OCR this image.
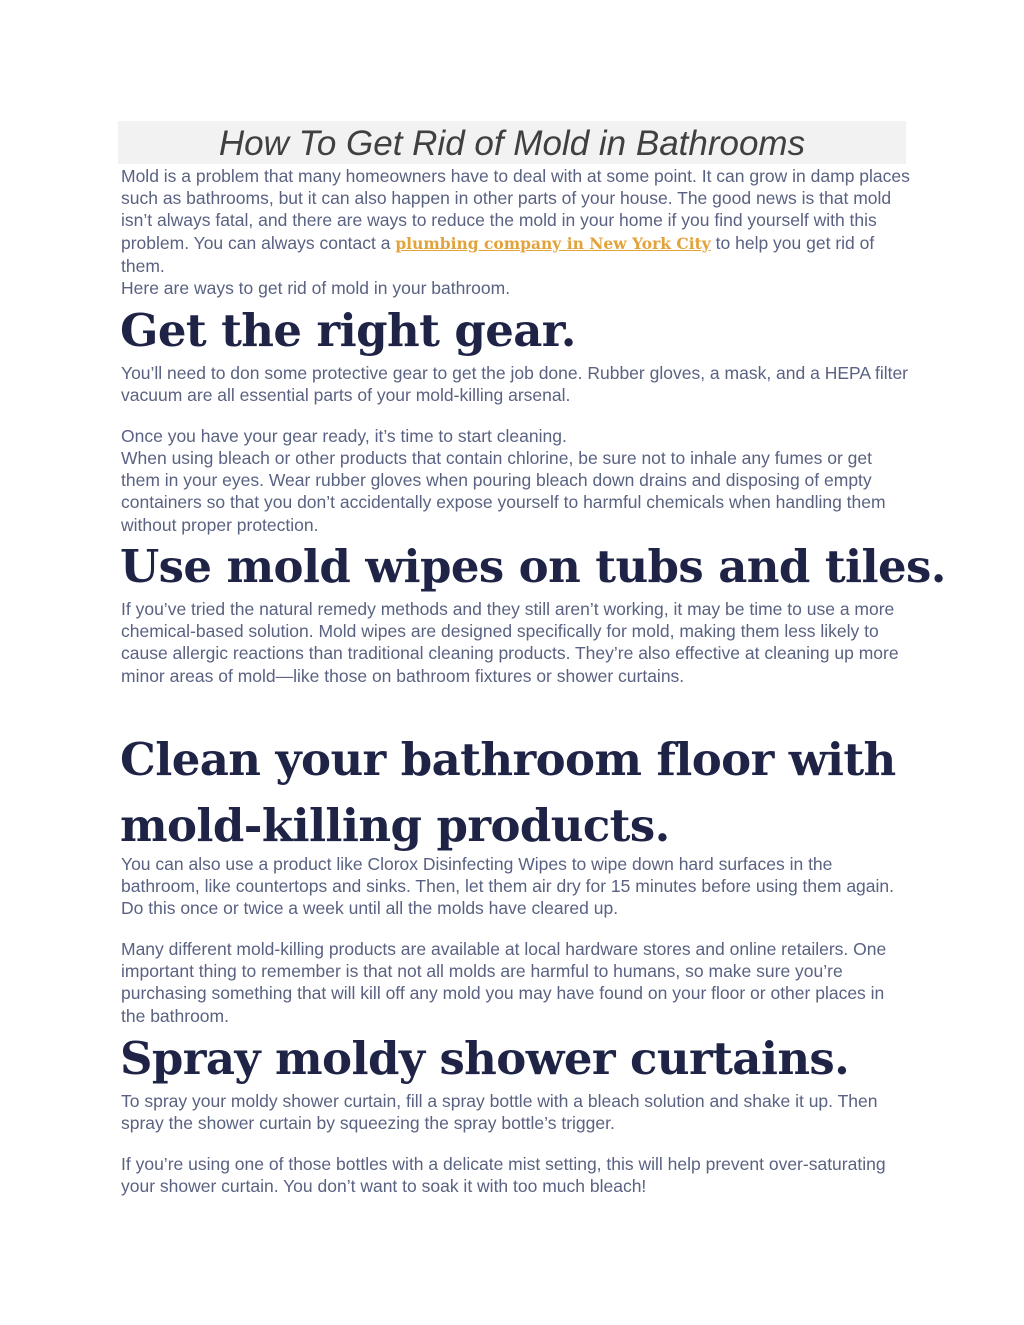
How To Get Rid of Mold in Bathrooms

Mold is a problem that many homeowners have to deal with at some point. It can grow in damp places such as bathrooms, but it can also happen in other parts of your house. The good news is that mold isn’t always fatal, and there are ways to reduce the mold in your home if you find yourself with this problem. You can always contact a plumbing company in New York City to help you get rid of them.

Here are ways to get rid of mold in your bathroom.

Get the right gear.

You’ll need to don some protective gear to get the job done. Rubber gloves, a mask, and a HEPA filter vacuum are all essential parts of your mold-killing arsenal.

Once you have your gear ready, it’s time to start cleaning.

When using bleach or other products that contain chlorine, be sure not to inhale any fumes or get them in your eyes. Wear rubber gloves when pouring bleach down drains and disposing of empty containers so that you don’t accidentally expose yourself to harmful chemicals when handling them without proper protection.

Use mold wipes on tubs and tiles.

If you’ve tried the natural remedy methods and they still aren’t working, it may be time to use a more chemical-based solution. Mold wipes are designed specifically for mold, making them less likely to cause allergic reactions than traditional cleaning products. They’re also effective at cleaning up more minor areas of mold—like those on bathroom fixtures or shower curtains.

Clean your bathroom floor with
mold-killing products.

You can also use a product like Clorox Disinfecting Wipes to wipe down hard surfaces in the bathroom, like countertops and sinks. Then, let them air dry for 15 minutes before using them again. Do this once or twice a week until all the molds have cleared up.

Many different mold-killing products are available at local hardware stores and online retailers. One important thing to remember is that not all molds are harmful to humans, so make sure you’re purchasing something that will kill off any mold you may have found on your floor or other places in the bathroom.

Spray moldy shower curtains.

To spray your moldy shower curtain, fill a spray bottle with a bleach solution and shake it up. Then spray the shower curtain by squeezing the spray bottle’s trigger.

If you’re using one of those bottles with a delicate mist setting, this will help prevent over-saturating your shower curtain. You don’t want to soak it with too much bleach!
